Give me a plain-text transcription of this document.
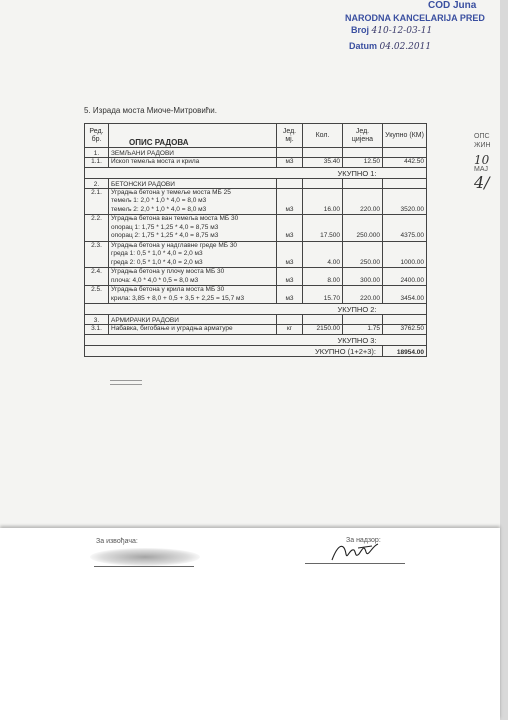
COD Juna
NARODNA KANCELARIJA PRED
Broj 410-12-03-11
Datum 04.02.2011
OПC
ЖИН
10
МАЈ
4/
5. Израда моста Миоче-Митровићи.
Ред. бр.	ОПИС РАДОВА	Јед. мј.	Кол.	Јед. цијена	Укупно (КМ)
1.	ЗЕМЉАНИ РАДОВИ				
1.1.	Ископ темеља моста и крила	м3	35.40	12.50	442.50
УКУПНО 1:					
2.	БЕТОНСКИ РАДОВИ				
2.1.	Уградња бетона у темеље моста МБ 25
темељ 1: 2,0 * 1,0 * 4,0 = 8,0 м3
темељ 2: 2,0 * 1,0 * 4,0 = 8,0 м3	м3	16.00	220.00	3520.00
2.2.	Уградња бетона ван темеља моста МБ 30
опорац 1: 1,75 * 1,25 * 4,0 = 8,75 м3
опорац 2: 1,75 * 1,25 * 4,0 = 8,75 м3	м3	17.500	250.000	4375.00
2.3.	Уградња бетона у надглавне греде МБ 30
греда 1: 0,5 * 1,0 * 4,0 = 2,0 м3
греда 2: 0,5 * 1,0 * 4,0 = 2,0 м3	м3	4.00	250.00	1000.00
2.4.	Уградња бетона у плочу моста МБ 30
плоча: 4,0 * 4,0 * 0,5 = 8,0 м3	м3	8.00	300.00	2400.00
2.5.	Уградња бетона у крила моста МБ 30
крила: 3,85 + 8,0 + 0,5 + 3,5 + 2,25 = 15,7 м3	м3	15.70	220.00	3454.00
УКУПНО 2:					
3.	АРМИРАЧКИ РАДОВИ				
3.1.	Набавка, бигобање и уградња арматуре	кг	2150.00	1.75	3762.50
УКУПНО 3:					
УКУПНО (1+2+3):					18954.00
За извођача:	За надзор:
